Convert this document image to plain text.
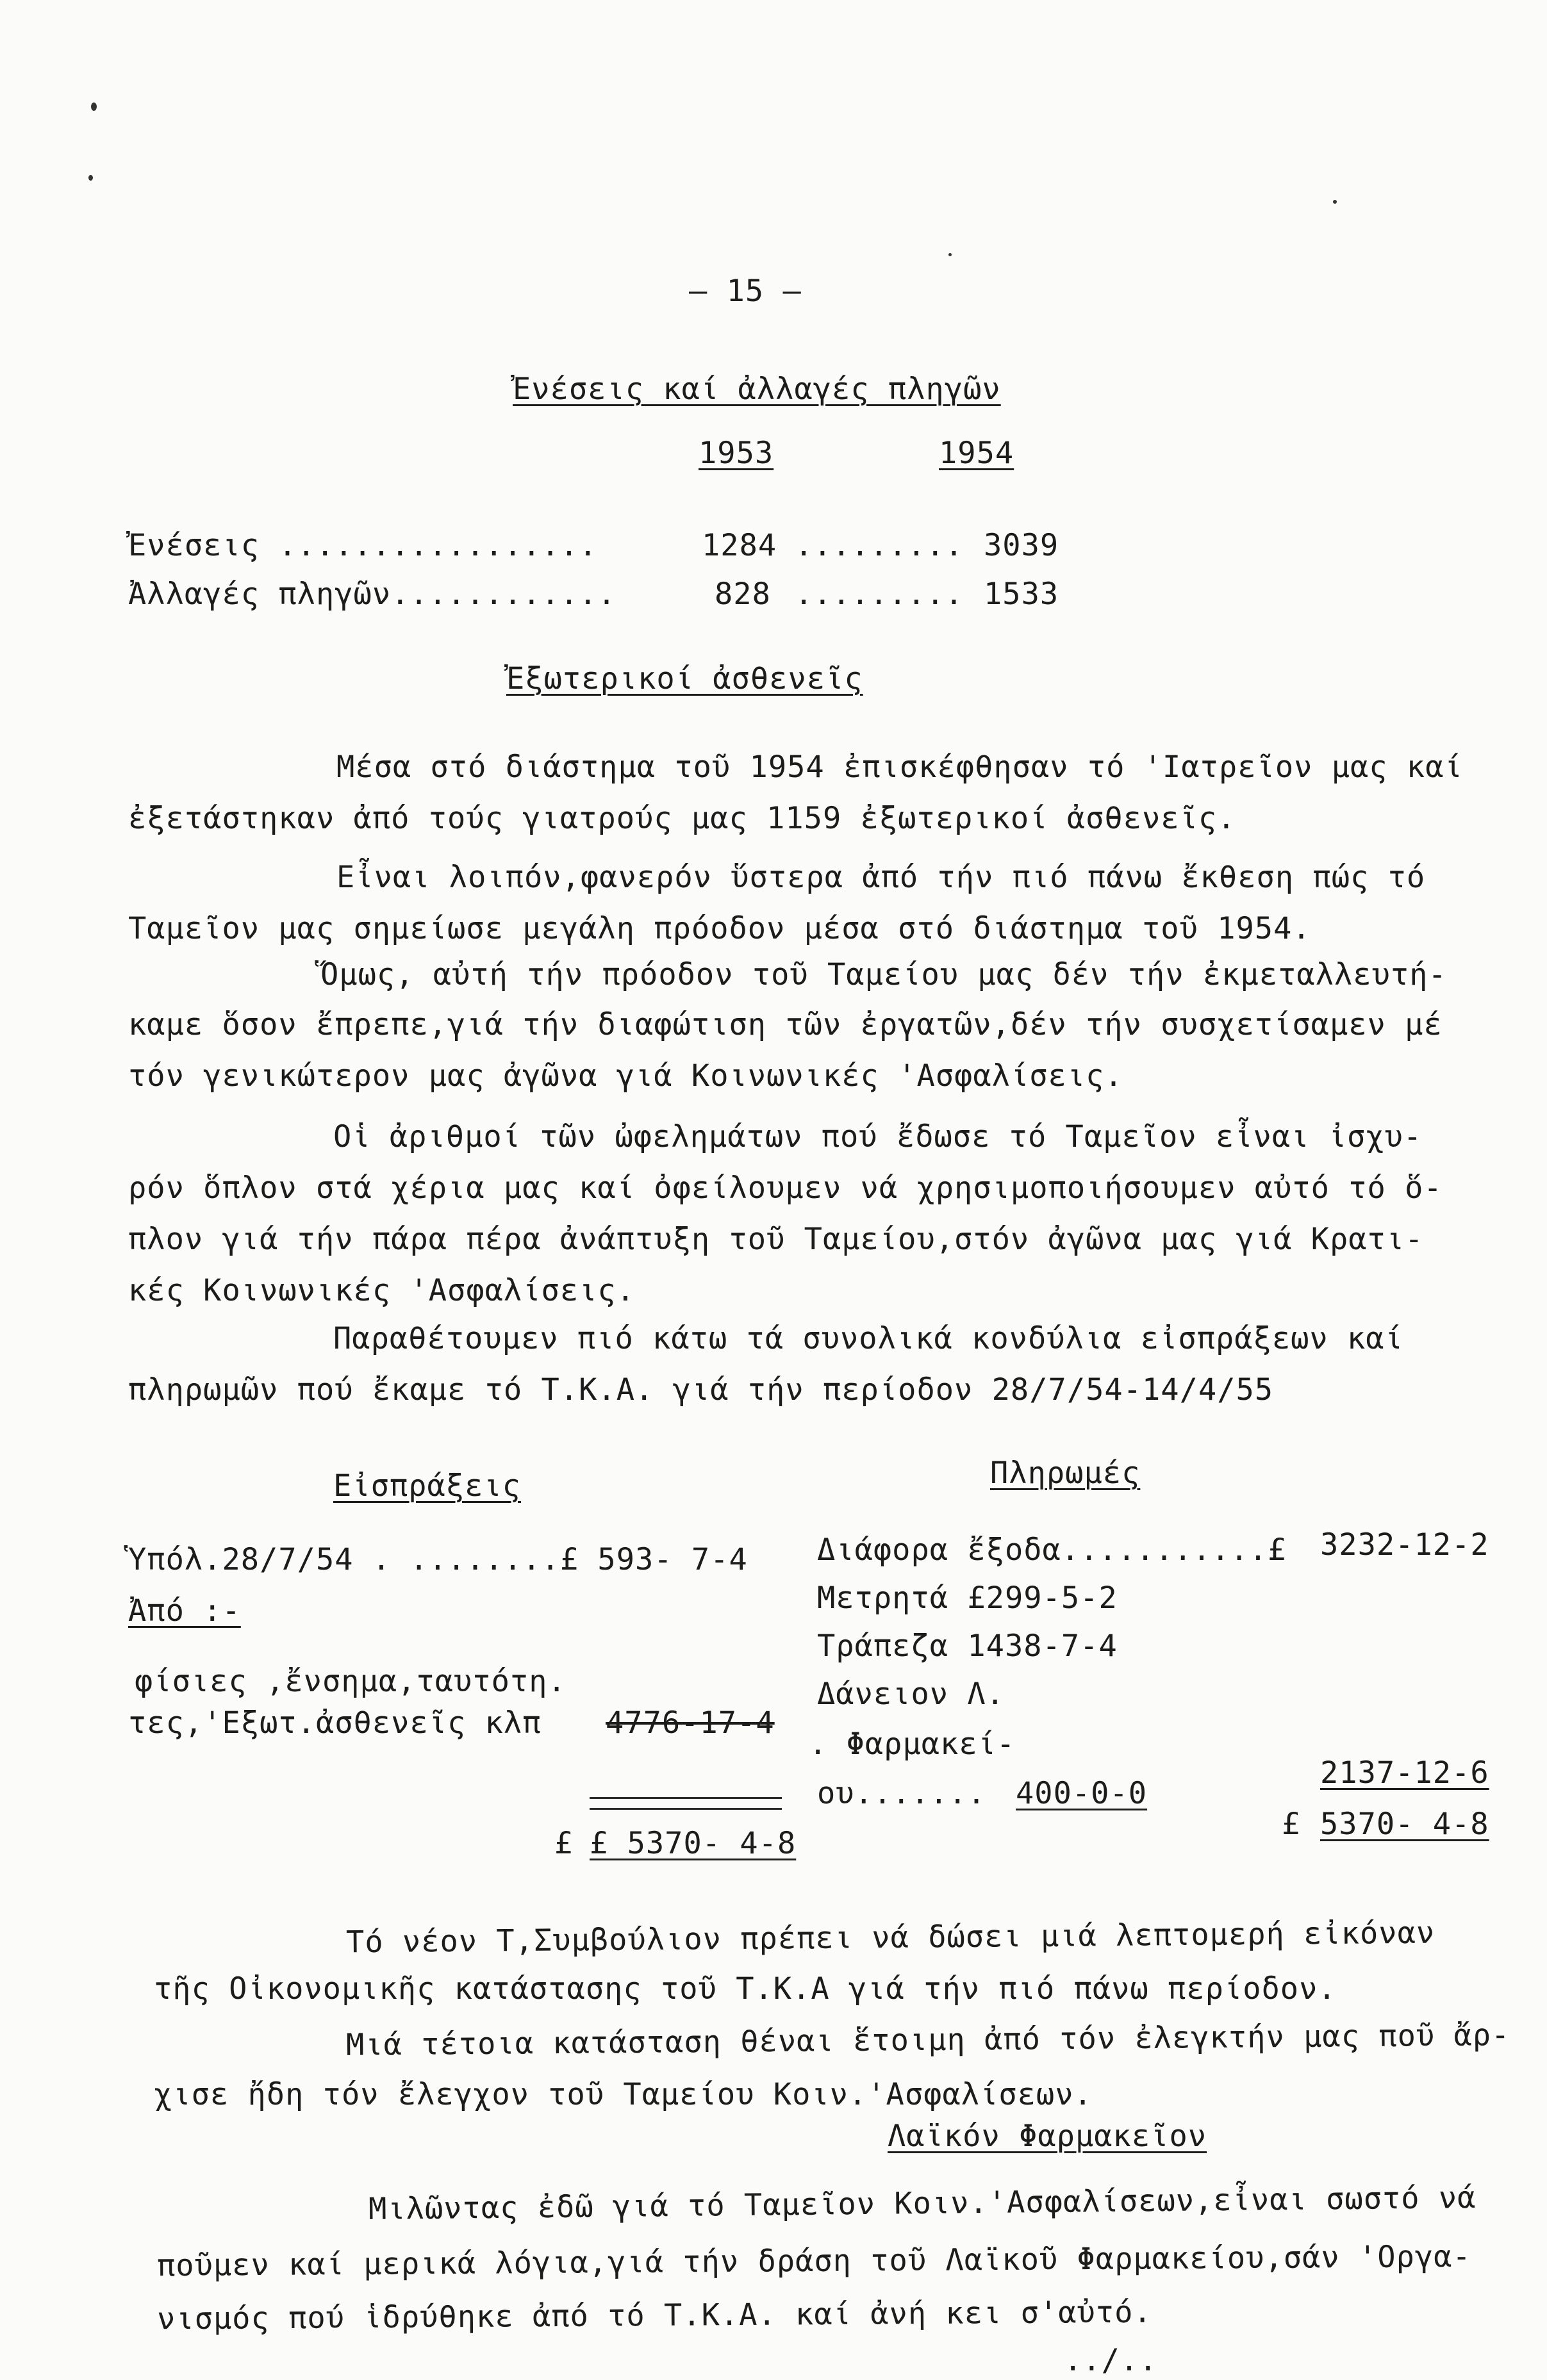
— 15 —
Ἐνέσεις καί ἀλλαγές πληγῶν
1953	1954
Ἐνέσεις .................	1284 ......... 3039
Ἀλλαγές πληγῶν............	828 ......... 1533
Ἐξωτερικοί ἀσθενεῖς
Μέσα στό διάστημα τοῦ 1954 ἐπισκέφθησαν τό 'Ιατρεῖον μας καί
ἐξετάστηκαν ἀπό τούς γιατρούς μας 1159 ἐξωτερικοί ἀσθενεῖς.
Εἶναι λοιπόν,φανερόν ὕστερα ἀπό τήν πιό πάνω ἔκθεση πώς τό
Ταμεῖον μας σημείωσε μεγάλη πρόοδον μέσα στό διάστημα τοῦ 1954.
Ὅμως, αὐτή τήν πρόοδον τοῦ Ταμείου μας δέν τήν ἐκμεταλλευτή-
καμε ὅσον ἔπρεπε,γιά τήν διαφώτιση τῶν ἐργατῶν,δέν τήν συσχετίσαμεν μέ
τόν γενικώτερον μας ἀγῶνα γιά Κοινωνικές 'Ασφαλίσεις.
Οἱ ἀριθμοί τῶν ὠφελημάτων πού ἔδωσε τό Ταμεῖον εἶναι ἰσχυ-
ρόν ὅπλον στά χέρια μας καί ὀφείλουμεν νά χρησιμοποιήσουμεν αὐτό τό ὅ-
πλον γιά τήν πάρα πέρα ἀνάπτυξη τοῦ Ταμείου,στόν ἀγῶνα μας γιά Κρατι-
κές Κοινωνικές 'Ασφαλίσεις.
Παραθέτουμεν πιό κάτω τά συνολικά κονδύλια εἰσπράξεων καί
πληρωμῶν πού ἔκαμε τό Τ.Κ.Α. γιά τήν περίοδον 28/7/54-14/4/55
Εἰσπράξεις
Ὑπόλ.28/7/54 . ........£ 593- 7-4
Ἀπό :-
φίσιες ,ἔνσημα,ταυτότη.
τες,'Εξωτ.ἀσθενεῖς κλπ 4776-17-4
£ £ 5370- 4-8
Πληρωμές
Διάφορα ἔξοδα...........£ 3232-12-2
Μετρητά £299-5-2
Τράπεζα 1438-7-4
Δάνειον Λ.
. Φαρμακεί-
ου....... 400-0-0
2137-12-6
£ 5370- 4-8
Τό νέον Τ,Συμβούλιον πρέπει νά δώσει μιά λεπτομερή εἰκόναν
τῆς Οἰκονομικῆς κατάστασης τοῦ Τ.Κ.Α γιά τήν πιό πάνω περίοδον.
Μιά τέτοια κατάσταση θέναι ἕτοιμη ἀπό τόν ἐλεγκτήν μας ποῦ ἄρ-
χισε ἤδη τόν ἔλεγχον τοῦ Ταμείου Κοιν.'Ασφαλίσεων.
Λαϊκόν Φαρμακεῖον
Μιλῶντας ἐδῶ γιά τό Ταμεῖον Κοιν.'Ασφαλίσεων,εἶναι σωστό νά
ποῦμεν καί μερικά λόγια,γιά τήν δράση τοῦ Λαϊκοῦ Φαρμακείου,σάν 'Οργα-
νισμός πού ἱδρύθηκε ἀπό τό Τ.Κ.Α. καί ἀνή κει σ'αὐτό.
../..
